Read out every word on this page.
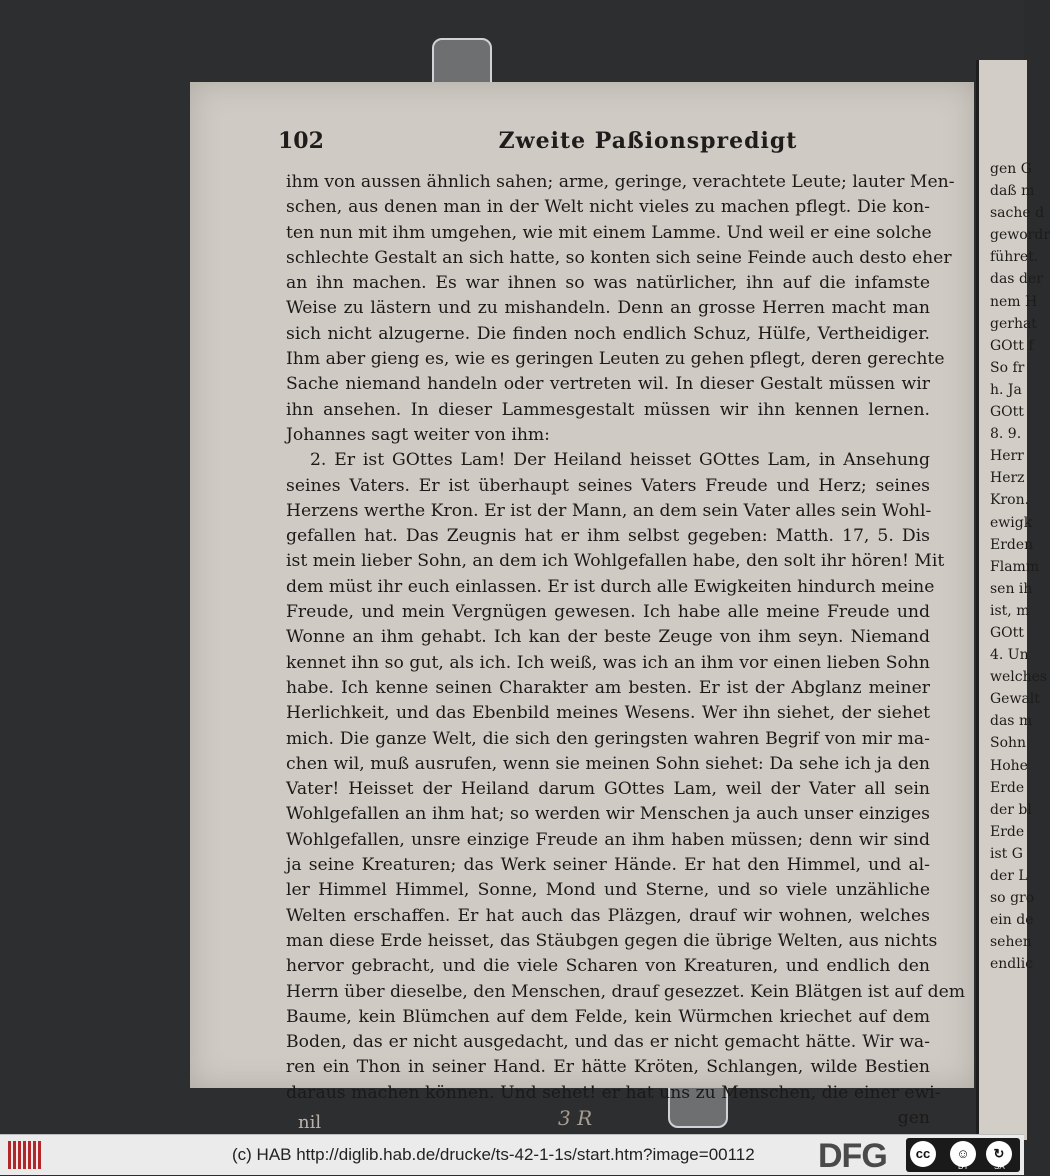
gen G
daß m
sache d
gewordr
führet.
das der
nem H
gerhat
GOtt f
So fr
h. Ja
GOtt
8. 9.
Herr
Herz
Kron.
ewigk
Erden
Flamm
sen ih
ist, m
GOtt
4. Un
welches
Gewalt
das m
Sohn
Hohe
Erde
der bl
Erde
ist G
der L
so gro
ein de
sehen
endlic
102	Zweite Paßionspredigt
ihm von aussen ähnlich sahen; arme, geringe, verachtete Leute; lauter Men-
schen, aus denen man in der Welt nicht vieles zu machen pflegt. Die kon-
ten nun mit ihm umgehen, wie mit einem Lamme. Und weil er eine solche
schlechte Gestalt an sich hatte, so konten sich seine Feinde auch desto eher
an ihn machen. Es war ihnen so was natürlicher, ihn auf die infamste
Weise zu lästern und zu mishandeln. Denn an grosse Herren macht man
sich nicht alzugerne. Die finden noch endlich Schuz, Hülfe, Vertheidiger.
Ihm aber gieng es, wie es geringen Leuten zu gehen pflegt, deren gerechte
Sache niemand handeln oder vertreten wil. In dieser Gestalt müssen wir
ihn ansehen. In dieser Lammesgestalt müssen wir ihn kennen lernen.
Johannes sagt weiter von ihm:
2. Er ist GOttes Lam! Der Heiland heisset GOttes Lam, in Ansehung
seines Vaters. Er ist überhaupt seines Vaters Freude und Herz; seines
Herzens werthe Kron. Er ist der Mann, an dem sein Vater alles sein Wohl-
gefallen hat. Das Zeugnis hat er ihm selbst gegeben: Matth. 17, 5. Dis
ist mein lieber Sohn, an dem ich Wohlgefallen habe, den solt ihr hören! Mit
dem müst ihr euch einlassen. Er ist durch alle Ewigkeiten hindurch meine
Freude, und mein Vergnügen gewesen. Ich habe alle meine Freude und
Wonne an ihm gehabt. Ich kan der beste Zeuge von ihm seyn. Niemand
kennet ihn so gut, als ich. Ich weiß, was ich an ihm vor einen lieben Sohn
habe. Ich kenne seinen Charakter am besten. Er ist der Abglanz meiner
Herlichkeit, und das Ebenbild meines Wesens. Wer ihn siehet, der siehet
mich. Die ganze Welt, die sich den geringsten wahren Begrif von mir ma-
chen wil, muß ausrufen, wenn sie meinen Sohn siehet: Da sehe ich ja den
Vater! Heisset der Heiland darum GOttes Lam, weil der Vater all sein
Wohlgefallen an ihm hat; so werden wir Menschen ja auch unser einziges
Wohlgefallen, unsre einzige Freude an ihm haben müssen; denn wir sind
ja seine Kreaturen; das Werk seiner Hände. Er hat den Himmel, und al-
ler Himmel Himmel, Sonne, Mond und Sterne, und so viele unzähliche
Welten erschaffen. Er hat auch das Pläzgen, drauf wir wohnen, welches
man diese Erde heisset, das Stäubgen gegen die übrige Welten, aus nichts
hervor gebracht, und die viele Scharen von Kreaturen, und endlich den
Herrn über dieselbe, den Menschen, drauf gesezzet. Kein Blätgen ist auf dem
Baume, kein Blümchen auf dem Felde, kein Würmchen kriechet auf dem
Boden, das er nicht ausgedacht, und das er nicht gemacht hätte. Wir wa-
ren ein Thon in seiner Hand. Er hätte Kröten, Schlangen, wilde Bestien
daraus machen können. Und sehet! er hat uns zu Menschen, die einer ewi-
gen
nil	3 R
(c) HAB http://diglib.hab.de/drucke/ts-42-1-1s/start.htm?image=00112 DFG	cc	☺	↻
BY	SA
